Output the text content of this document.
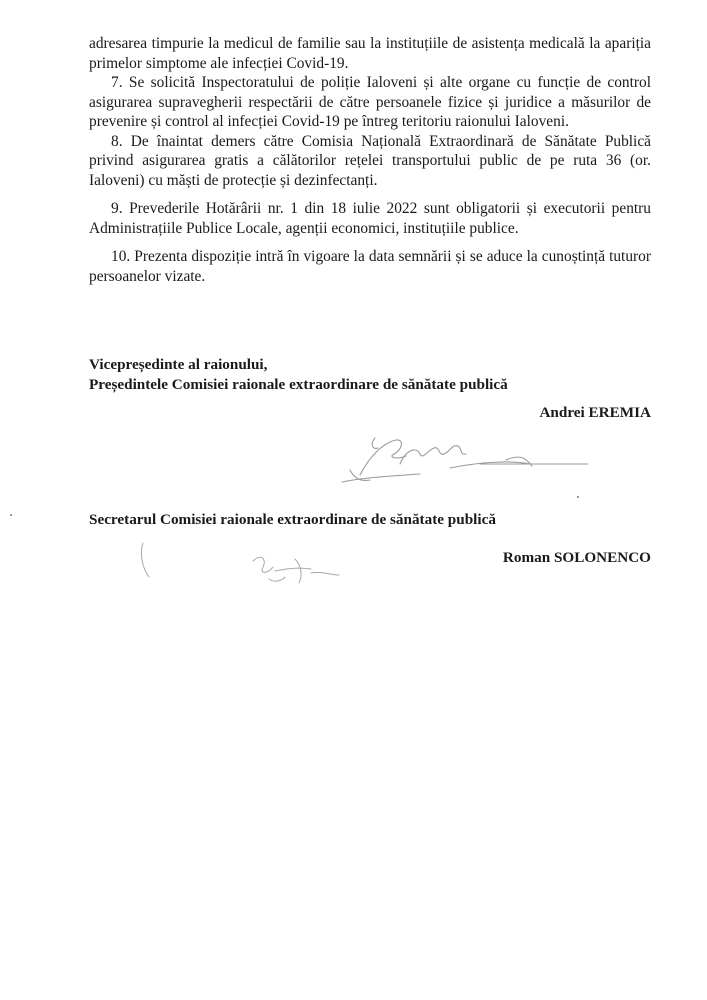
adresarea timpurie la medicul de familie sau la instituțiile de asistența medicală la apariția primelor simptome ale infecției Covid-19.

7. Se solicită Inspectoratului de poliție Ialoveni și alte organe cu funcție de control asigurarea supravegherii respectării de către persoanele fizice și juridice a măsurilor de prevenire și control al infecției Covid-19 pe întreg teritoriu raionului Ialoveni.

8. De înaintat demers către Comisia Națională Extraordinară de Sănătate Publică privind asigurarea gratis a călătorilor rețelei transportului public de pe ruta 36 (or. Ialoveni) cu măști de protecție și dezinfectanți.

9. Prevederile Hotărârii nr. 1 din 18 iulie 2022 sunt obligatorii și executorii pentru Administrațiile Publice Locale, agenții economici, instituțiile publice.

10. Prezenta dispoziție intră în vigoare la data semnării și se aduce la cunoștință tuturor persoanelor vizate.

Vicepreședinte al raionului,
Președintele Comisiei raionale extraordinare de sănătate publică
Andrei EREMIA
Secretarul Comisiei raionale extraordinare de sănătate publică
Roman SOLONENCO
